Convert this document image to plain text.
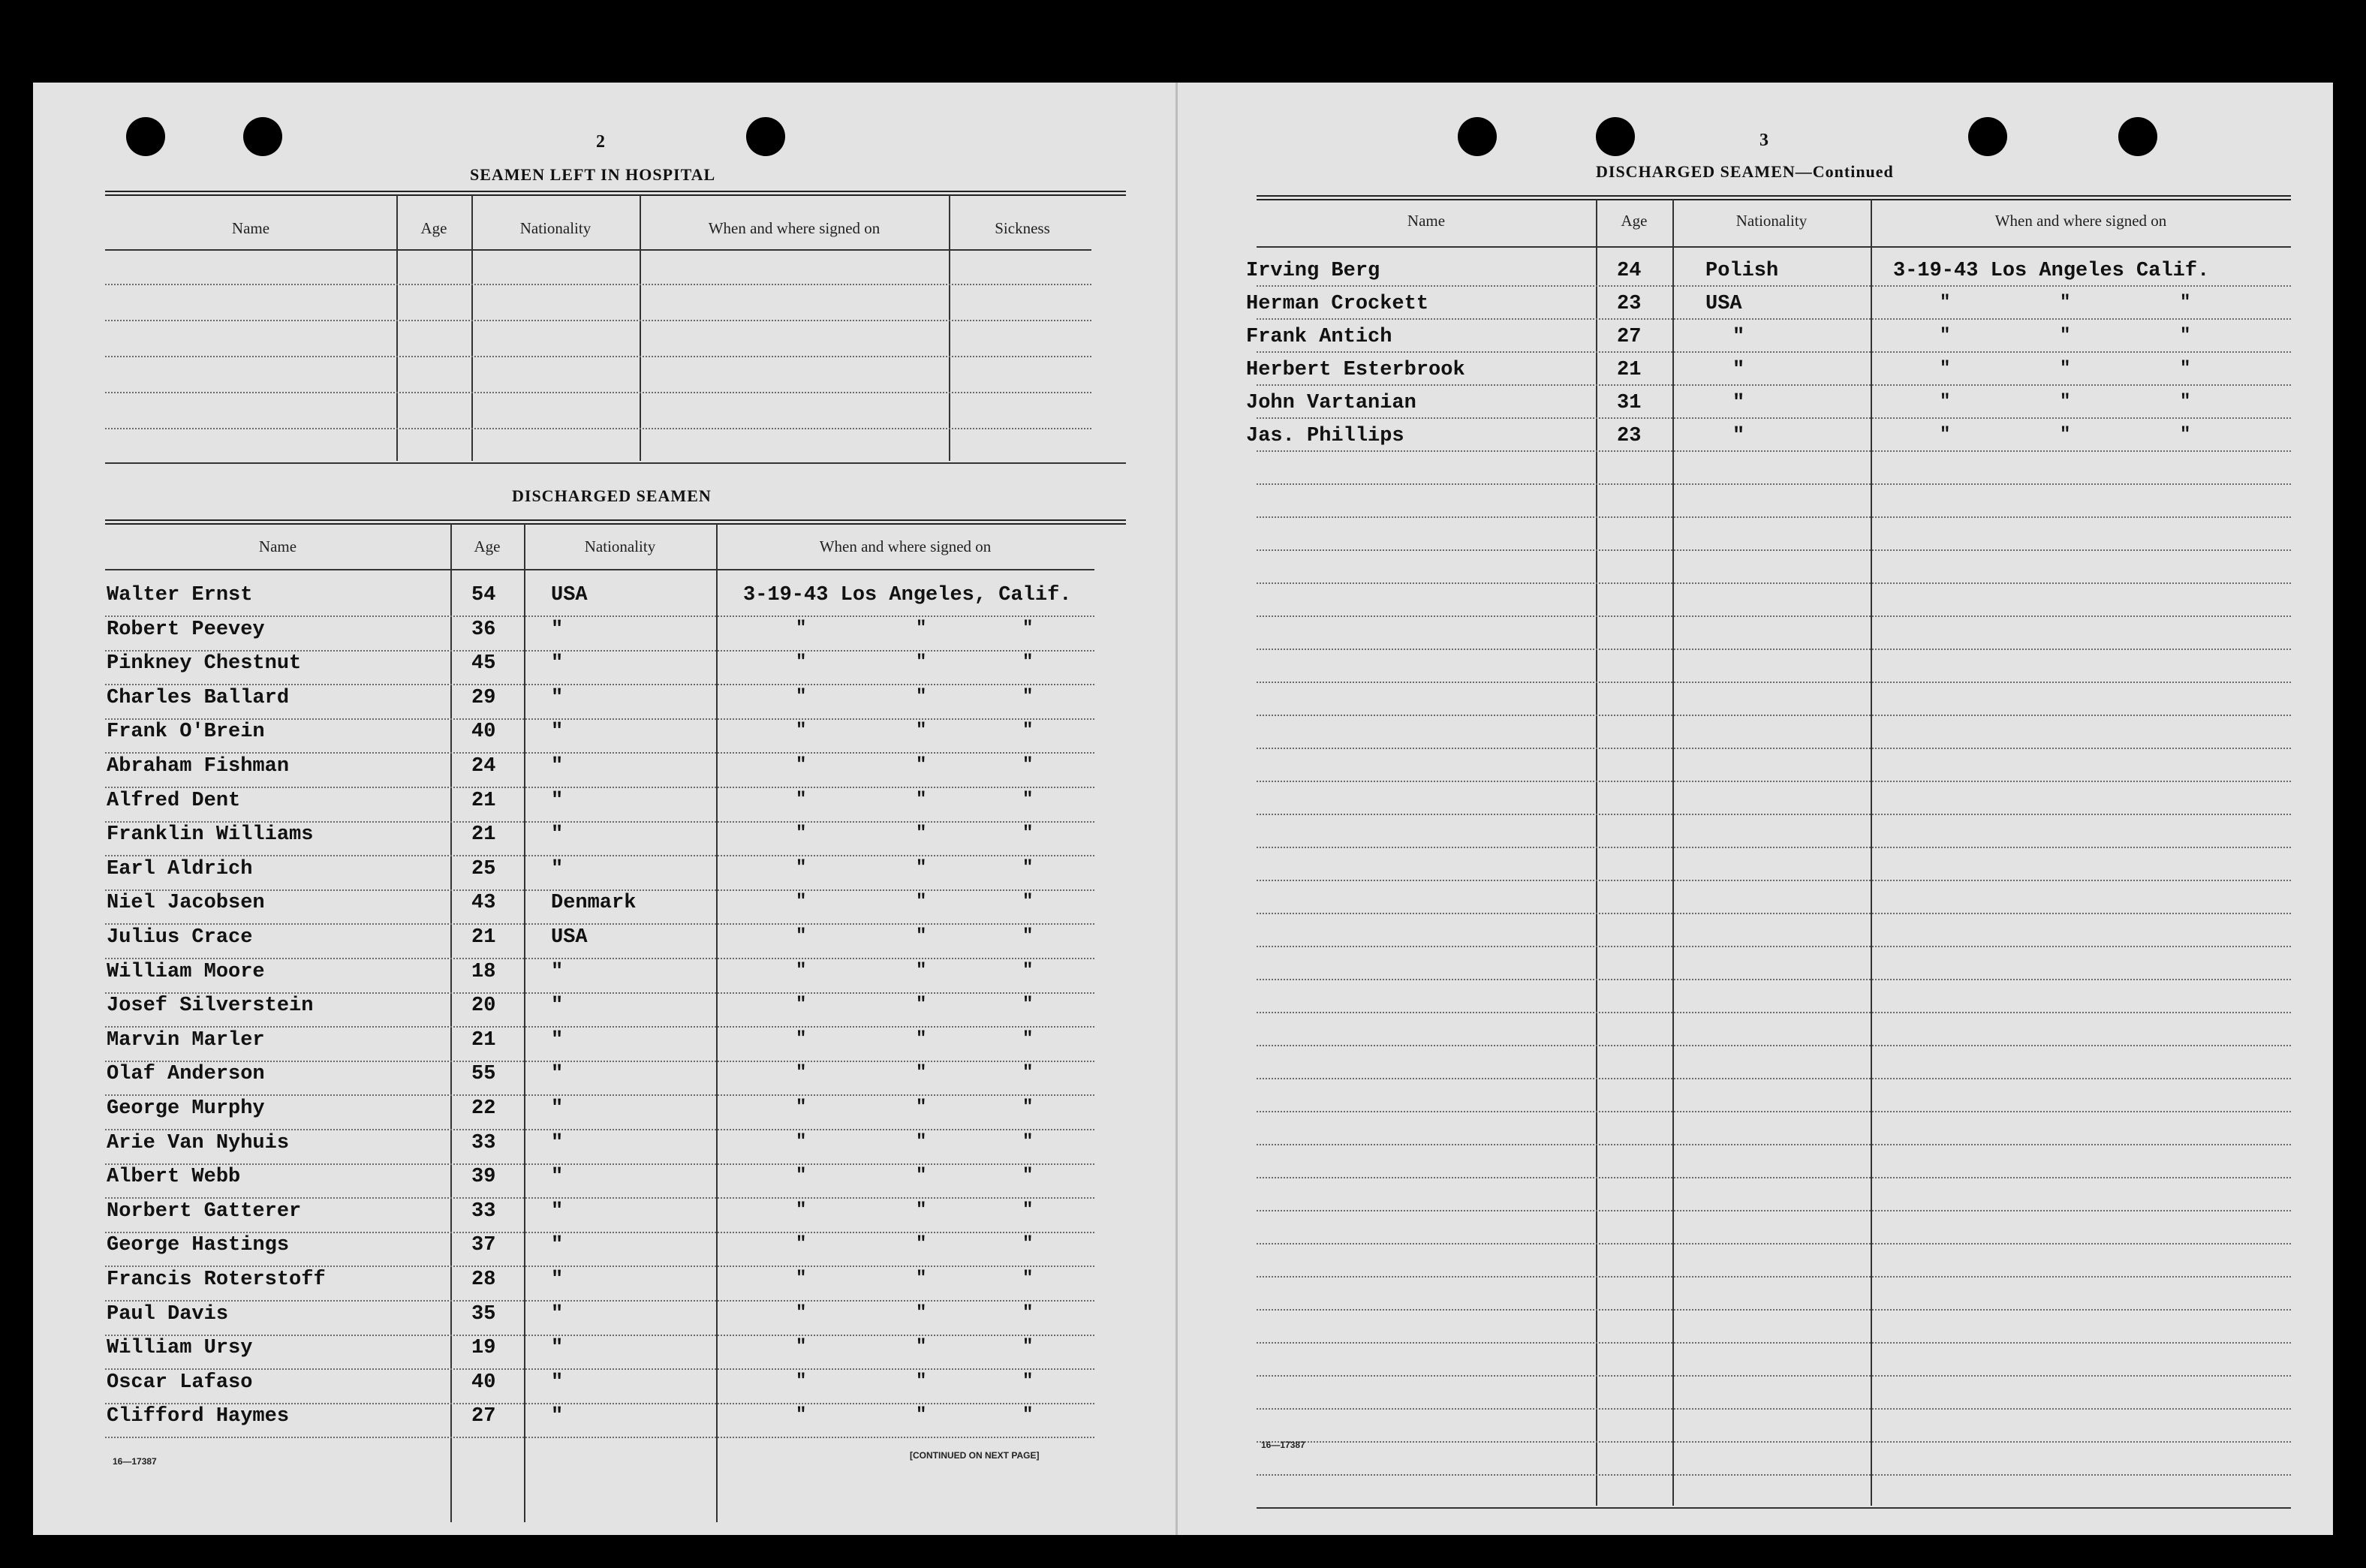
2
SEAMEN LEFT IN HOSPITAL
Name	Age	Nationality	When and where signed on	Sickness
DISCHARGED SEAMEN
Name	Age	Nationality	When and where signed on
Walter Ernst	54	USA	3-19-43 Los Angeles, Calif.
Robert Peevey	36	"	"	"	"
Pinkney Chestnut	45	"	"	"	"
Charles Ballard	29	"	"	"	"
Frank O'Brein	40	"	"	"	"
Abraham Fishman	24	"	"	"	"
Alfred Dent	21	"	"	"	"
Franklin Williams	21	"	"	"	"
Earl Aldrich	25	"	"	"	"
Niel Jacobsen	43	Denmark	"	"	"
Julius Crace	21	USA	"	"	"
William Moore	18	"	"	"	"
Josef Silverstein	20	"	"	"	"
Marvin Marler	21	"	"	"	"
Olaf Anderson	55	"	"	"	"
George Murphy	22	"	"	"	"
Arie Van Nyhuis	33	"	"	"	"
Albert Webb	39	"	"	"	"
Norbert Gatterer	33	"	"	"	"
George Hastings	37	"	"	"	"
Francis Roterstoff	28	"	"	"	"
Paul Davis	35	"	"	"	"
William Ursy	19	"	"	"	"
Oscar Lafaso	40	"	"	"	"
Clifford Haymes	27	"	"	"	"
16—17387
[CONTINUED ON NEXT PAGE]
3
DISCHARGED SEAMEN—Continued
Name	Age	Nationality	When and where signed on
Irving Berg	24	Polish	3-19-43 Los Angeles Calif.
Herman Crockett	23	USA	"	"	"
Frank Antich	27	"	"	"	"
Herbert Esterbrook	21	"	"	"	"
John Vartanian	31	"	"	"	"
Jas. Phillips	23	"	"	"	"
16—17387
